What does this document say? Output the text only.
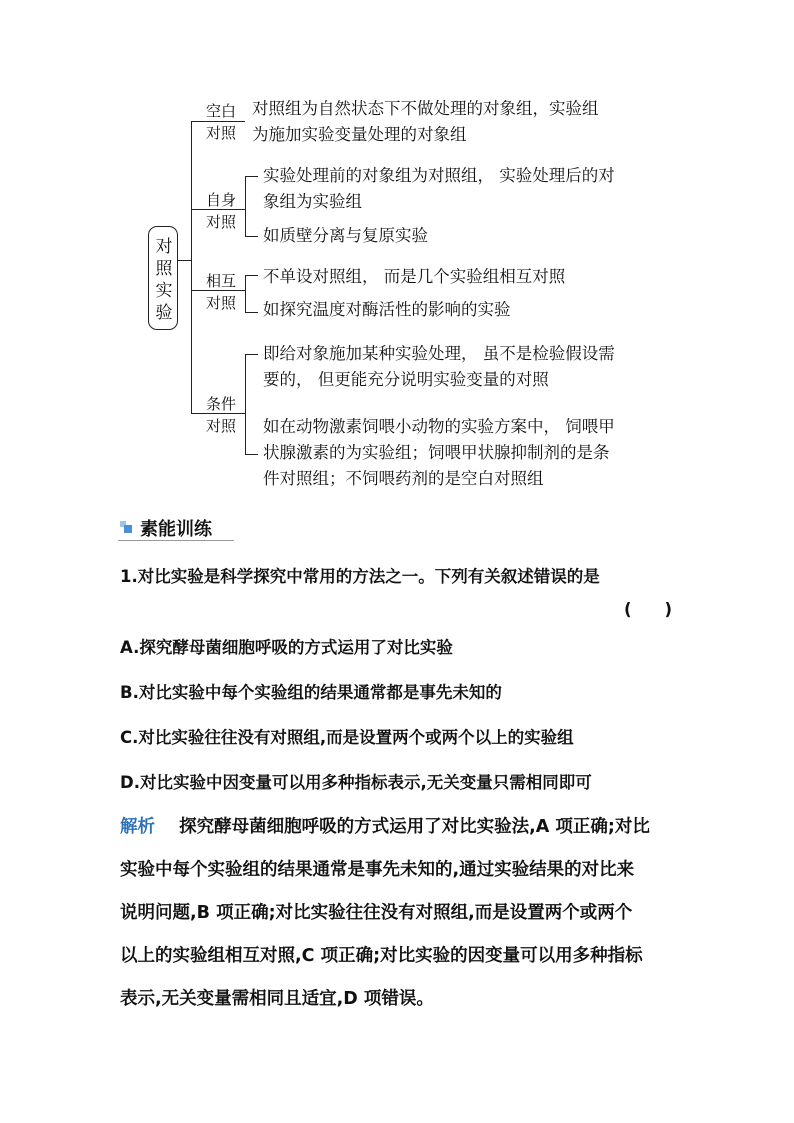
对
照
实
验
空白
对照
自身
对照
相互
对照
条件
对照
对照组为自然状态下不做处理的对象组，实验组
为施加实验变量处理的对象组
实验处理前的对象组为对照组， 实验处理后的对
象组为实验组
如质壁分离与复原实验
不单设对照组， 而是几个实验组相互对照
如探究温度对酶活性的影响的实验
即给对象施加某种实验处理， 虽不是检验假设需
要的， 但更能充分说明实验变量的对照
如在动物激素饲喂小动物的实验方案中， 饲喂甲
状腺激素的为实验组；饲喂甲状腺抑制剂的是条
件对照组；不饲喂药剂的是空白对照组
素能训练
1.对比实验是科学探究中常用的方法之一。下列有关叙述错误的是
(　　)
A.探究酵母菌细胞呼吸的方式运用了对比实验
B.对比实验中每个实验组的结果通常都是事先未知的
C.对比实验往往没有对照组,而是设置两个或两个以上的实验组
D.对比实验中因变量可以用多种指标表示,无关变量只需相同即可
解析 探究酵母菌细胞呼吸的方式运用了对比实验法,A 项正确;对比
实验中每个实验组的结果通常是事先未知的,通过实验结果的对比来
说明问题,B 项正确;对比实验往往没有对照组,而是设置两个或两个
以上的实验组相互对照,C 项正确;对比实验的因变量可以用多种指标
表示,无关变量需相同且适宜,D 项错误。
